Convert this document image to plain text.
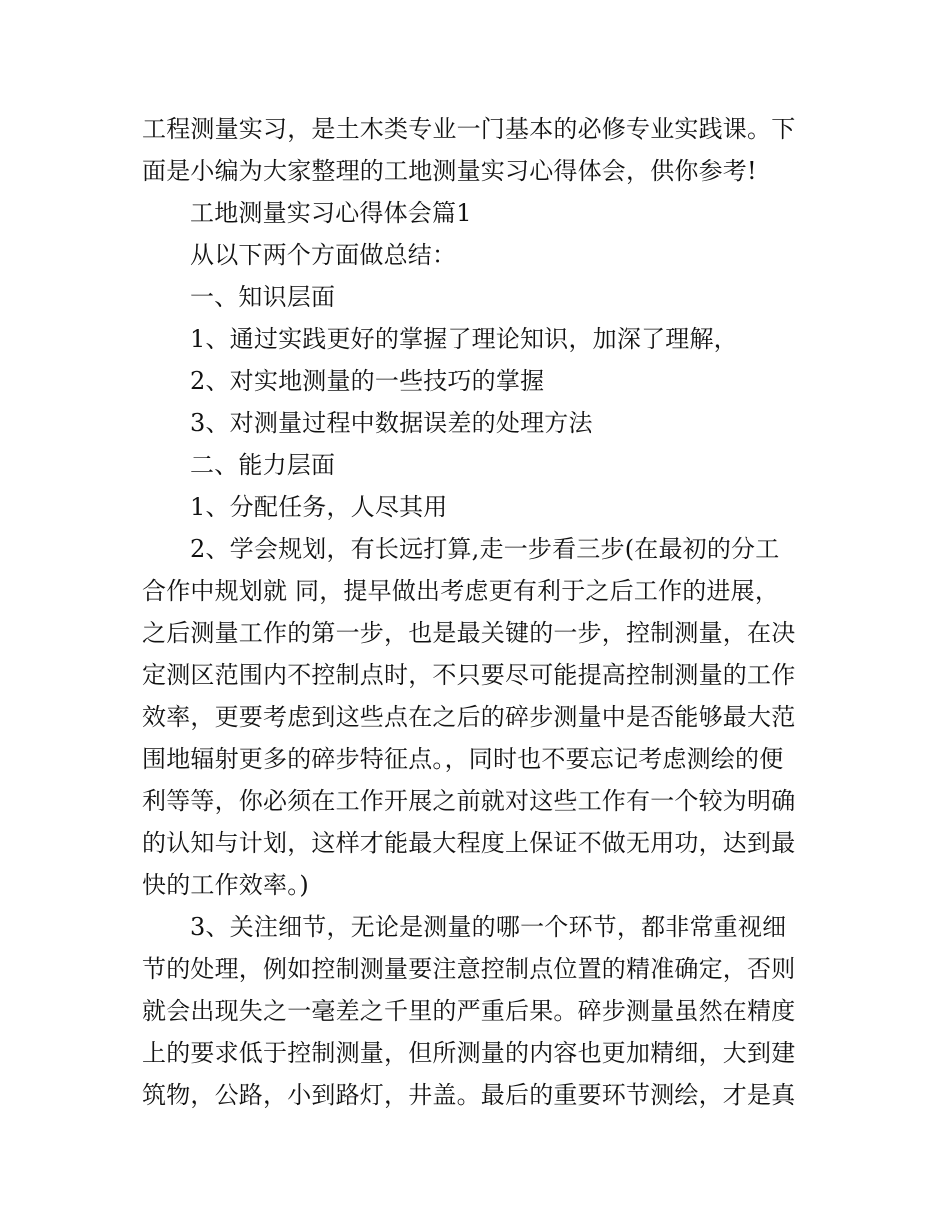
工程测量实习，是土木类专业一门基本的必修专业实践课。下
面是小编为大家整理的工地测量实习心得体会，供你参考!

工地测量实习心得体会篇1

从以下两个方面做总结：

一、知识层面

1、通过实践更好的掌握了理论知识，加深了理解，

2、对实地测量的一些技巧的掌握

3、对测量过程中数据误差的处理方法

二、能力层面

1、分配任务，人尽其用

2、学会规划，有长远打算,走一步看三步(在最初的分工
合作中规划就 同，提早做出考虑更有利于之后工作的进展，
之后测量工作的第一步，也是最关键的一步，控制测量，在决
定测区范围内不控制点时，不只要尽可能提高控制测量的工作
效率，更要考虑到这些点在之后的碎步测量中是否能够最大范
围地辐射更多的碎步特征点。，同时也不要忘记考虑测绘的便
利等等，你必须在工作开展之前就对这些工作有一个较为明确
的认知与计划，这样才能最大程度上保证不做无用功，达到最
快的工作效率。)
3、关注细节，无论是测量的哪一个环节，都非常重视细
节的处理，例如控制测量要注意控制点位置的精准确定，否则
就会出现失之一毫差之千里的严重后果。碎步测量虽然在精度
上的要求低于控制测量，但所测量的内容也更加精细，大到建
筑物，公路，小到路灯，井盖。最后的重要环节测绘，才是真
